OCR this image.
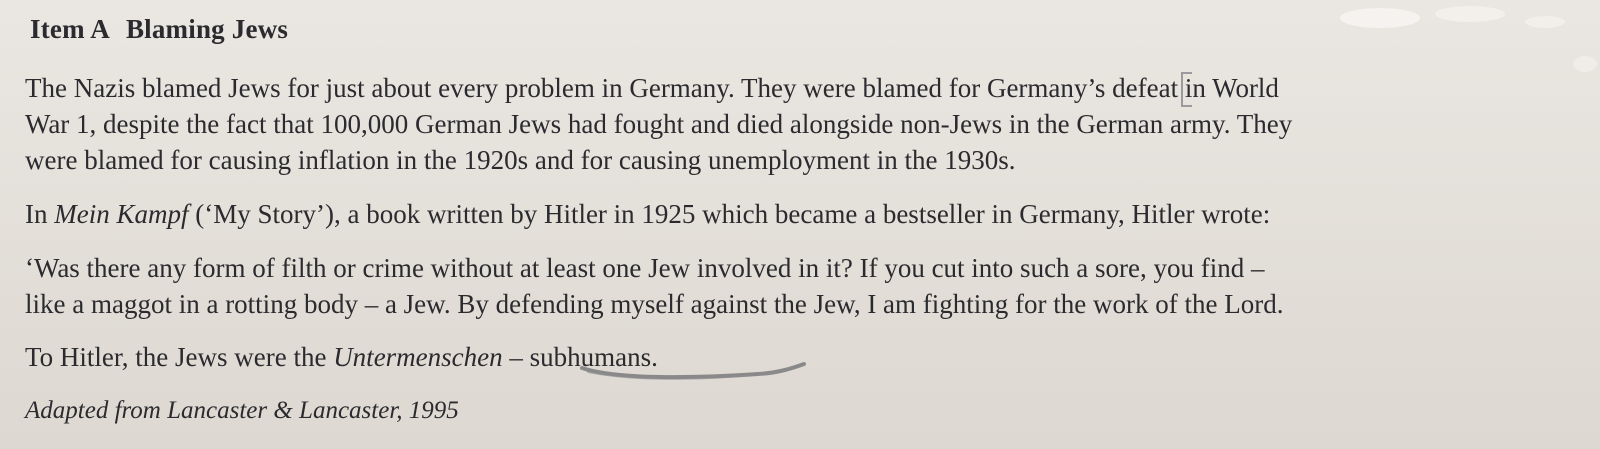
Item A Blaming Jews
The Nazis blamed Jews for just about every problem in Germany. They were blamed for Germany’s defeat in World
War 1, despite the fact that 100,000 German Jews had fought and died alongside non-Jews in the German army. They
were blamed for causing inflation in the 1920s and for causing unemployment in the 1930s.
In Mein Kampf (‘My Story’), a book written by Hitler in 1925 which became a bestseller in Germany, Hitler wrote:
‘Was there any form of filth or crime without at least one Jew involved in it? If you cut into such a sore, you find –
like a maggot in a rotting body – a Jew. By defending myself against the Jew, I am fighting for the work of the Lord.
To Hitler, the Jews were the Untermenschen – subhumans.
Adapted from Lancaster & Lancaster, 1995
